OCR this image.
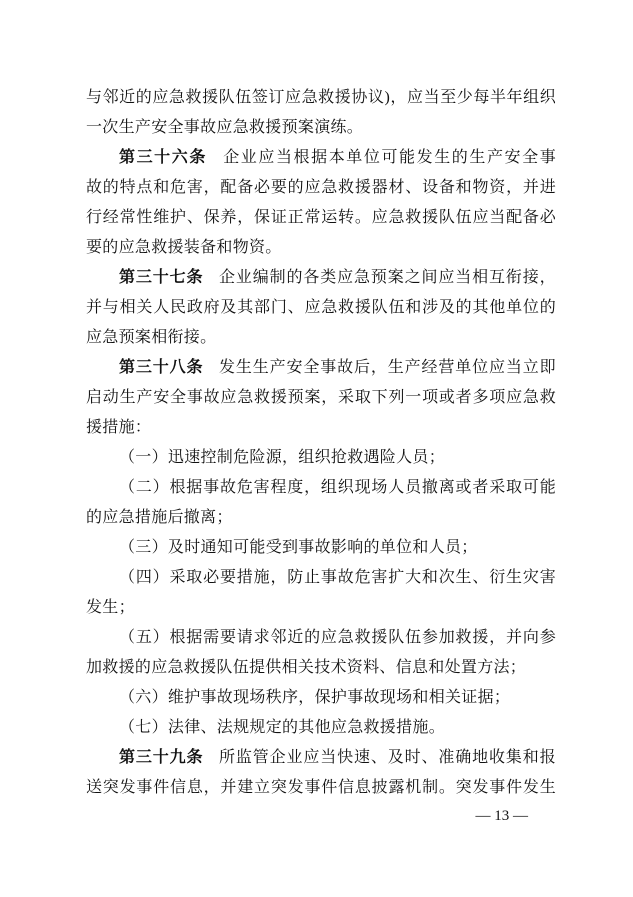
与邻近的应急救援队伍签订应急救援协议)，应当至少每半年组织
一次生产安全事故应急救援预案演练。
第三十六条 企业应当根据本单位可能发生的生产安全事
故的特点和危害，配备必要的应急救援器材、设备和物资，并进
行经常性维护、保养，保证正常运转。应急救援队伍应当配备必
要的应急救援装备和物资。
第三十七条 企业编制的各类应急预案之间应当相互衔接，
并与相关人民政府及其部门、应急救援队伍和涉及的其他单位的
应急预案相衔接。
第三十八条 发生生产安全事故后，生产经营单位应当立即
启动生产安全事故应急救援预案，采取下列一项或者多项应急救
援措施：
（一）迅速控制危险源，组织抢救遇险人员；
（二）根据事故危害程度，组织现场人员撤离或者采取可能
的应急措施后撤离；
（三）及时通知可能受到事故影响的单位和人员；
（四）采取必要措施，防止事故危害扩大和次生、衍生灾害
发生；
（五）根据需要请求邻近的应急救援队伍参加救援，并向参
加救援的应急救援队伍提供相关技术资料、信息和处置方法；
（六）维护事故现场秩序，保护事故现场和相关证据；
（七）法律、法规规定的其他应急救援措施。
第三十九条 所监管企业应当快速、及时、准确地收集和报
送突发事件信息，并建立突发事件信息披露机制。突发事件发生
— 13 —
